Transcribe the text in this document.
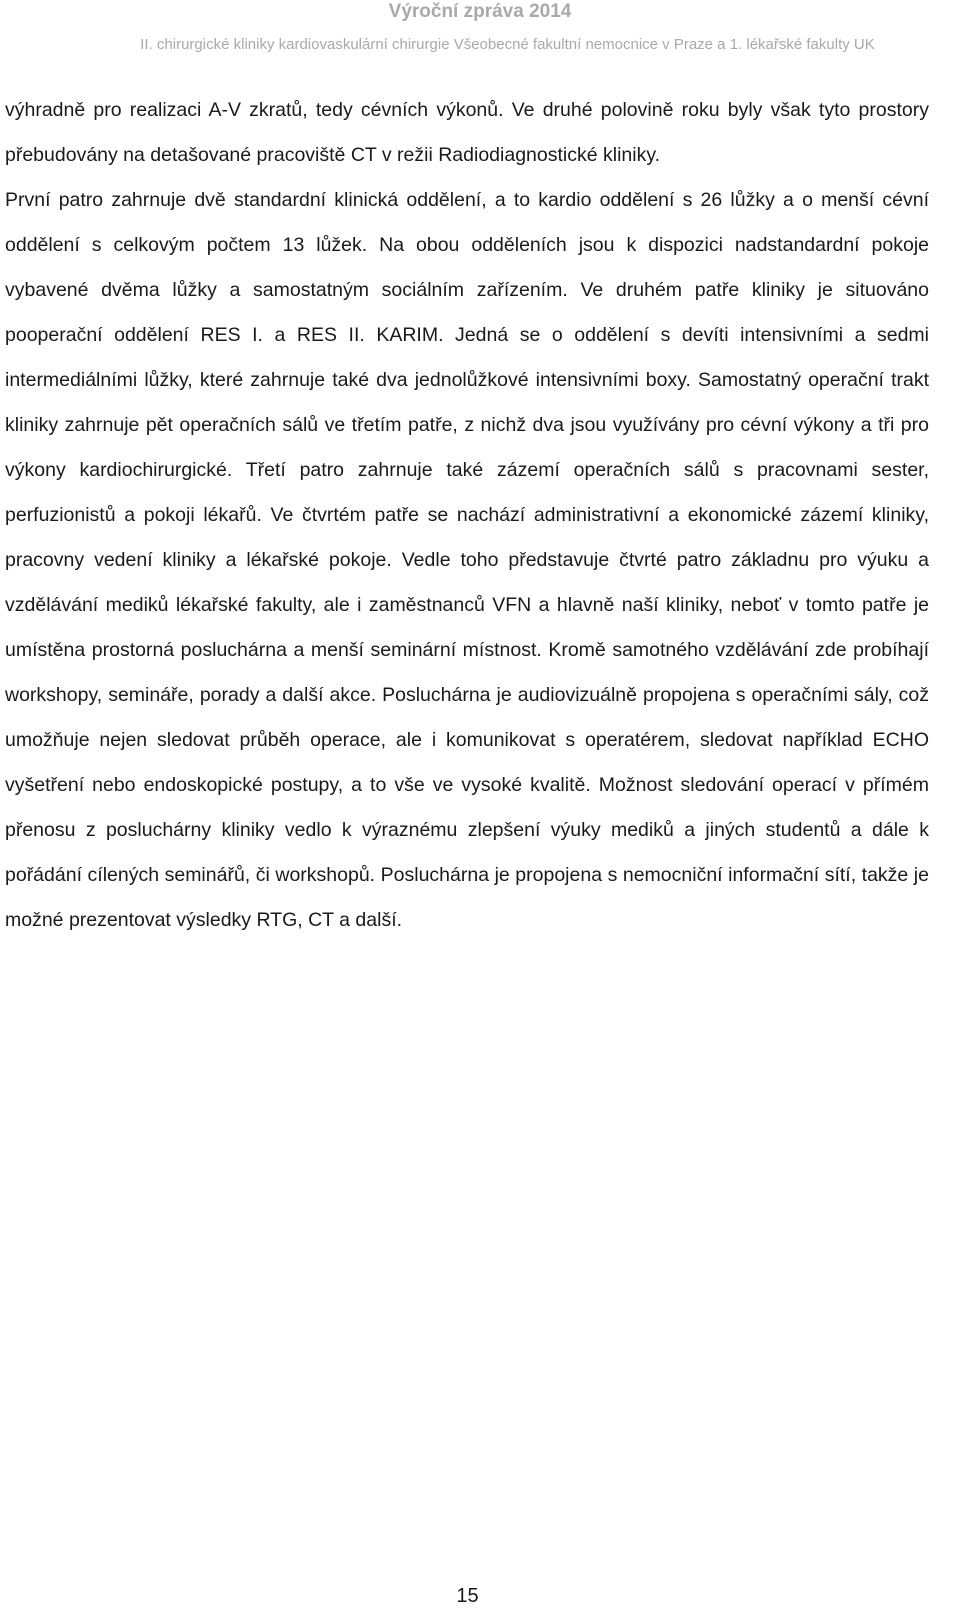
Výroční zpráva 2014
II. chirurgické kliniky kardiovaskulární chirurgie Všeobecné fakultní nemocnice v Praze a 1. lékařské fakulty UK

výhradně pro realizaci A-V zkratů, tedy cévních výkonů. Ve druhé polovině roku byly však tyto prostory přebudovány na detašované pracoviště CT v režii Radiodiagnostické kliniky.

První patro zahrnuje dvě standardní klinická oddělení, a to kardio oddělení s 26 lůžky a o menší cévní oddělení s celkovým počtem 13 lůžek. Na obou odděleních jsou k dispozici nadstandardní pokoje vybavené dvěma lůžky a samostatným sociálním zařízením. Ve druhém patře kliniky je situováno pooperační oddělení RES I. a RES II. KARIM. Jedná se o oddělení s devíti intensivními a sedmi intermediálními lůžky, které zahrnuje také dva jednolůžkové intensivními boxy. Samostatný operační trakt kliniky zahrnuje pět operačních sálů ve třetím patře, z nichž dva jsou využívány pro cévní výkony a tři pro výkony kardiochirurgické. Třetí patro zahrnuje také zázemí operačních sálů s pracovnami sester, perfuzionistů a pokoji lékařů. Ve čtvrtém patře se nachází administrativní a ekonomické zázemí kliniky, pracovny vedení kliniky a lékařské pokoje. Vedle toho představuje čtvrté patro základnu pro výuku a vzdělávání mediků lékařské fakulty, ale i zaměstnanců VFN a hlavně naší kliniky, neboť v tomto patře je umístěna prostorná posluchárna a menší seminární místnost. Kromě samotného vzdělávání zde probíhají workshopy, semináře, porady a další akce. Posluchárna je audiovizuálně propojena s operačními sály, což umožňuje nejen sledovat průběh operace, ale i komunikovat s operatérem, sledovat například ECHO vyšetření nebo endoskopické postupy, a to vše ve vysoké kvalitě. Možnost sledování operací v přímém přenosu z posluchárny kliniky vedlo k výraznému zlepšení výuky mediků a jiných studentů a dále k pořádání cílených seminářů, či workshopů. Posluchárna je propojena s nemocniční informační sítí, takže je možné prezentovat výsledky RTG, CT a další.

15
